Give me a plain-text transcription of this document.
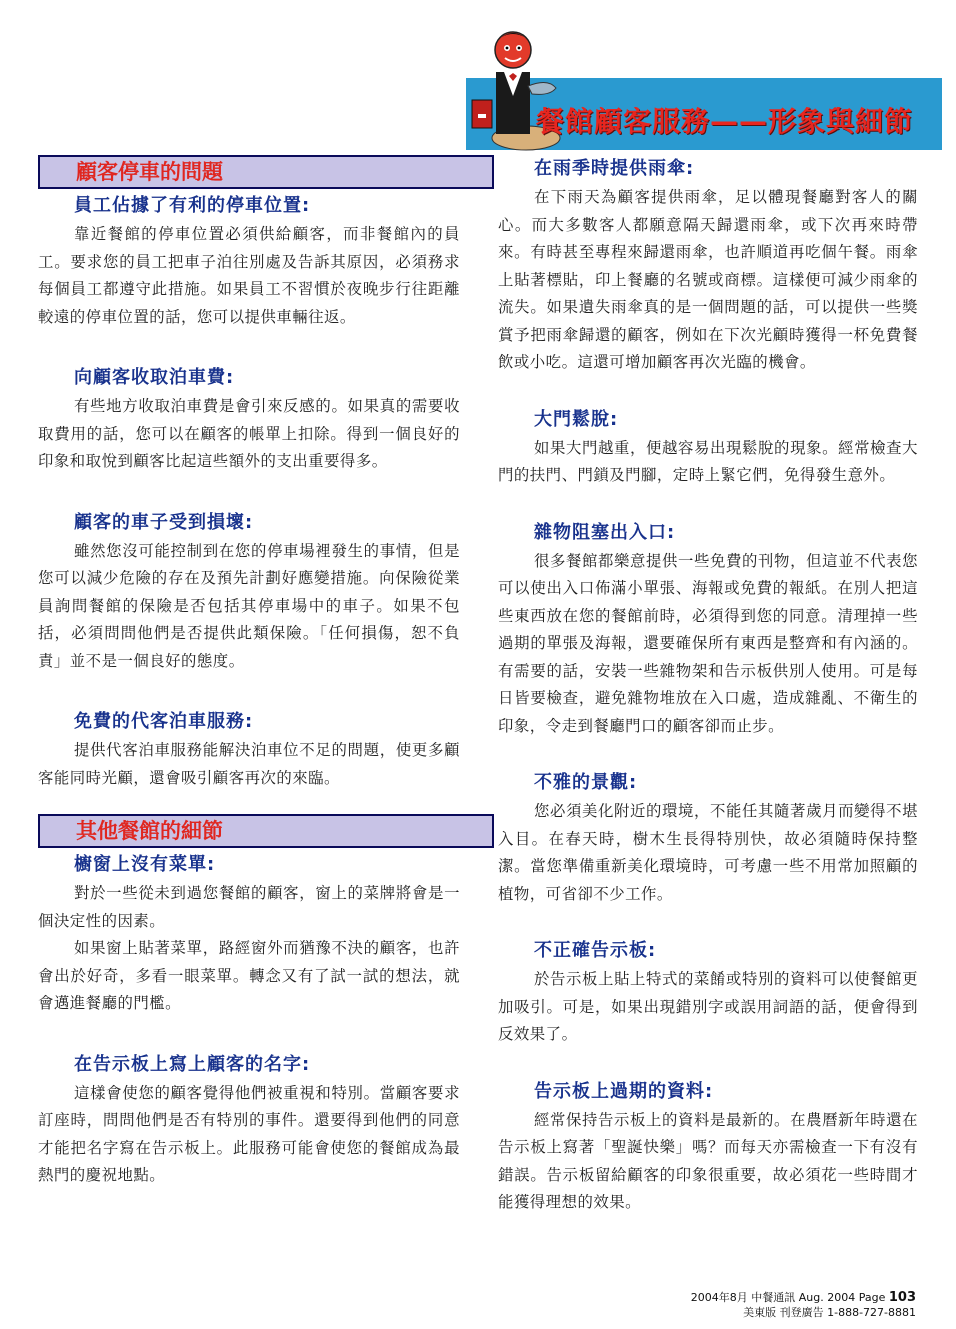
餐館顧客服務——形象與細節
顧客停車的問題
員工佔據了有利的停車位置:

靠近餐館的停車位置必須供給顧客，而非餐館內的員工。要求您的員工把車子泊往別處及告訴其原因，必須務求每個員工都遵守此措施。如果員工不習慣於夜晚步行往距離較遠的停車位置的話，您可以提供車輛往返。

向顧客收取泊車費:

有些地方收取泊車費是會引來反感的。如果真的需要收取費用的話，您可以在顧客的帳單上扣除。得到一個良好的印象和取悅到顧客比起這些額外的支出重要得多。

顧客的車子受到損壞:

雖然您沒可能控制到在您的停車場裡發生的事情，但是您可以減少危險的存在及預先計劃好應變措施。向保險從業員詢問餐館的保險是否包括其停車場中的車子。如果不包括，必須問問他們是否提供此類保險。「任何損傷，恕不負責」並不是一個良好的態度。

免費的代客泊車服務:

提供代客泊車服務能解決泊車位不足的問題，使更多顧客能同時光顧，還會吸引顧客再次的來臨。

其他餐館的細節
櫥窗上沒有菜單:

對於一些從未到過您餐館的顧客，窗上的菜牌將會是一個決定性的因素。

如果窗上貼著菜單，路經窗外而猶豫不決的顧客，也許會出於好奇，多看一眼菜單。轉念又有了試一試的想法，就會邁進餐廳的門檻。

在告示板上寫上顧客的名字:

這樣會使您的顧客覺得他們被重視和特別。當顧客要求訂座時，問問他們是否有特別的事件。還要得到他們的同意才能把名字寫在告示板上。此服務可能會使您的餐館成為最熱門的慶祝地點。

在雨季時提供雨傘:

在下雨天為顧客提供雨傘，足以體現餐廳對客人的關心。而大多數客人都願意隔天歸還雨傘，或下次再來時帶來。有時甚至專程來歸還雨傘，也許順道再吃個午餐。雨傘上貼著標貼，印上餐廳的名號或商標。這樣便可減少雨傘的流失。如果遺失雨傘真的是一個問題的話，可以提供一些獎賞予把雨傘歸還的顧客，例如在下次光顧時獲得一杯免費餐飲或小吃。這還可增加顧客再次光臨的機會。

大門鬆脫:

如果大門越重，便越容易出現鬆脫的現象。經常檢查大門的扶門、門鎖及門腳，定時上緊它們，免得發生意外。

雜物阻塞出入口:

很多餐館都樂意提供一些免費的刊物，但這並不代表您可以使出入口佈滿小單張、海報或免費的報紙。在別人把這些東西放在您的餐館前時，必須得到您的同意。清理掉一些過期的單張及海報，還要確保所有東西是整齊和有內涵的。有需要的話，安裝一些雜物架和告示板供別人使用。可是每日皆要檢查，避免雜物堆放在入口處，造成雜亂、不衛生的印象，令走到餐廳門口的顧客卻而止步。

不雅的景觀:

您必須美化附近的環境，不能任其隨著歲月而變得不堪入目。在春天時，樹木生長得特別快，故必須隨時保持整潔。當您準備重新美化環境時，可考慮一些不用常加照顧的植物，可省卻不少工作。

不正確告示板:

於告示板上貼上特式的菜餚或特別的資料可以使餐館更加吸引。可是，如果出現錯別字或誤用詞語的話，便會得到反效果了。

告示板上過期的資料:

經常保持告示板上的資料是最新的。在農曆新年時還在告示板上寫著「聖誕快樂」嗎？而每天亦需檢查一下有沒有錯誤。告示板留給顧客的印象很重要，故必須花一些時間才能獲得理想的效果。

2004年8月 中餐通訊 Aug. 2004 Page 103
美東版 刊登廣告 1-888-727-8881
